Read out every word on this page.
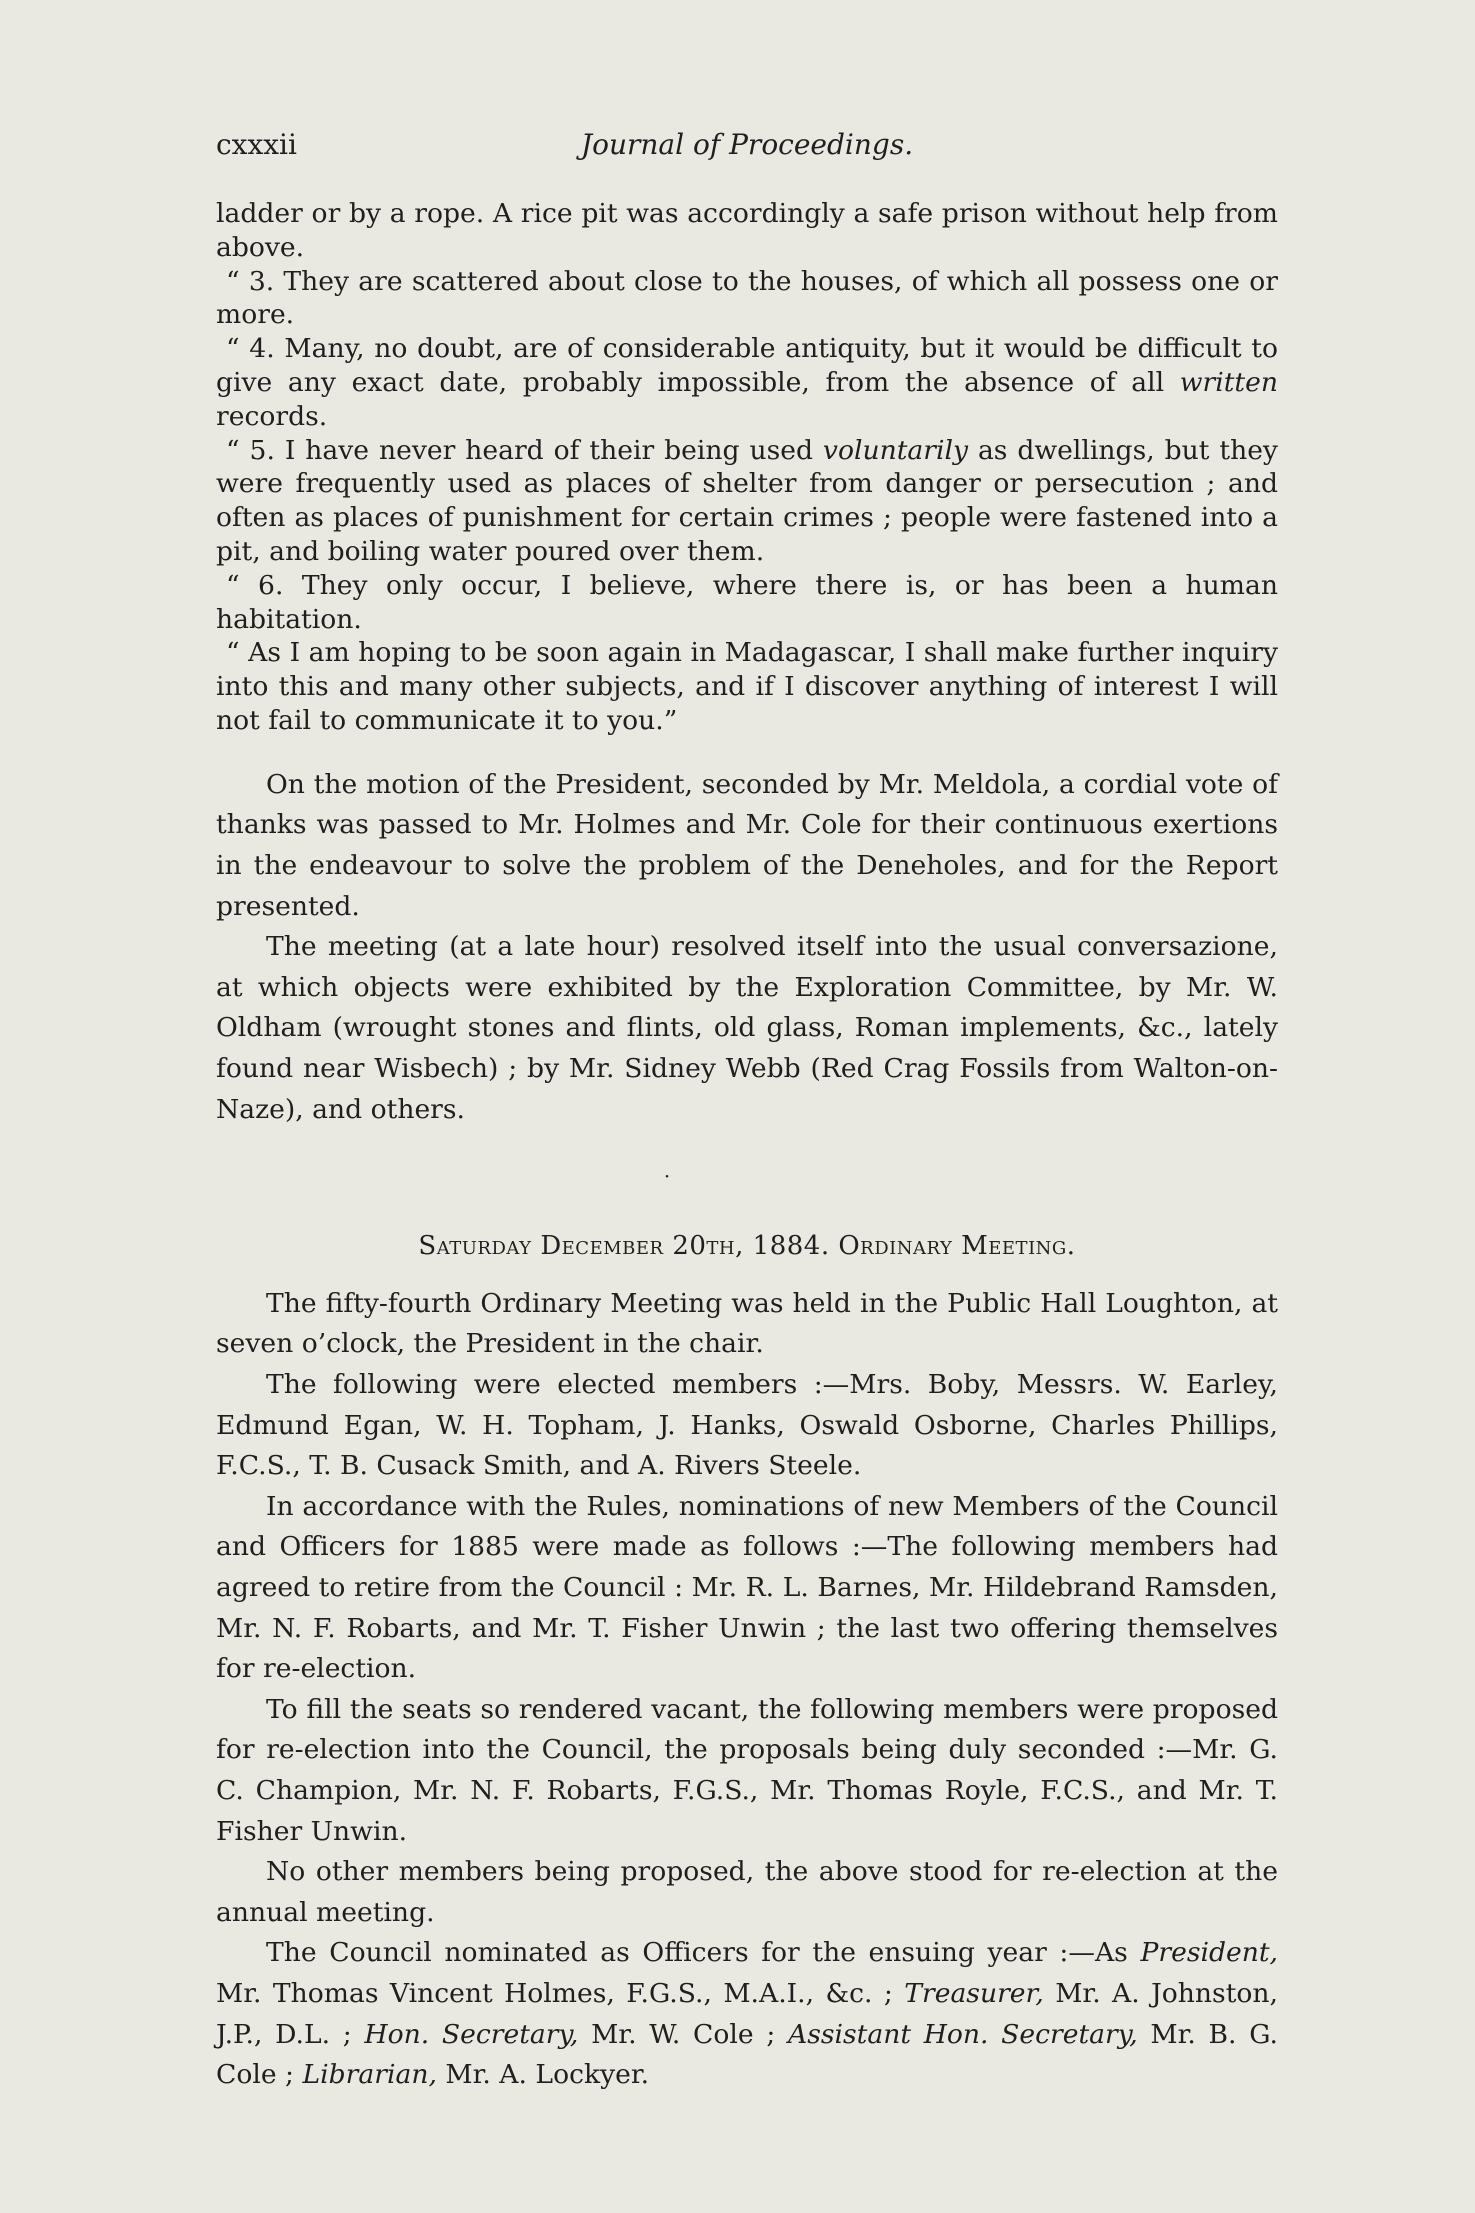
cxxxii	Journal of Proceedings.

ladder or by a rope. A rice pit was accordingly a safe prison without help from above.

“ 3. They are scattered about close to the houses, of which all possess one or more.

“ 4. Many, no doubt, are of considerable antiquity, but it would be difficult to give any exact date, probably impossible, from the absence of all written records.

“ 5. I have never heard of their being used voluntarily as dwellings, but they were frequently used as places of shelter from danger or persecution ; and often as places of punishment for certain crimes ; people were fastened into a pit, and boiling water poured over them.

“ 6. They only occur, I believe, where there is, or has been a human habitation.

“ As I am hoping to be soon again in Madagascar, I shall make further inquiry into this and many other subjects, and if I discover anything of interest I will not fail to communicate it to you.”

On the motion of the President, seconded by Mr. Meldola, a cordial vote of thanks was passed to Mr. Holmes and Mr. Cole for their continuous exertions in the endeavour to solve the problem of the Deneholes, and for the Report presented.

The meeting (at a late hour) resolved itself into the usual conversazione, at which objects were exhibited by the Exploration Committee, by Mr. W. Oldham (wrought stones and flints, old glass, Roman implements, &c., lately found near Wisbech) ; by Mr. Sidney Webb (Red Crag Fossils from Walton-on-Naze), and others.

·
Saturday December 20th, 1884. Ordinary Meeting.

The fifty-fourth Ordinary Meeting was held in the Public Hall Loughton, at seven o’clock, the President in the chair.

The following were elected members :—Mrs. Boby, Messrs. W. Earley, Edmund Egan, W. H. Topham, J. Hanks, Oswald Osborne, Charles Phillips, F.C.S., T. B. Cusack Smith, and A. Rivers Steele.

In accordance with the Rules, nominations of new Members of the Council and Officers for 1885 were made as follows :—The following members had agreed to retire from the Council : Mr. R. L. Barnes, Mr. Hildebrand Ramsden, Mr. N. F. Robarts, and Mr. T. Fisher Unwin ; the last two offering themselves for re-election.

To fill the seats so rendered vacant, the following members were proposed for re-election into the Council, the proposals being duly seconded :—Mr. G. C. Champion, Mr. N. F. Robarts, F.G.S., Mr. Thomas Royle, F.C.S., and Mr. T. Fisher Unwin.

No other members being proposed, the above stood for re-election at the annual meeting.

The Council nominated as Officers for the ensuing year :—As President, Mr. Thomas Vincent Holmes, F.G.S., M.A.I., &c. ; Treasurer, Mr. A. Johnston, J.P., D.L. ; Hon. Secretary, Mr. W. Cole ; Assistant Hon. Secretary, Mr. B. G. Cole ; Librarian, Mr. A. Lockyer.
